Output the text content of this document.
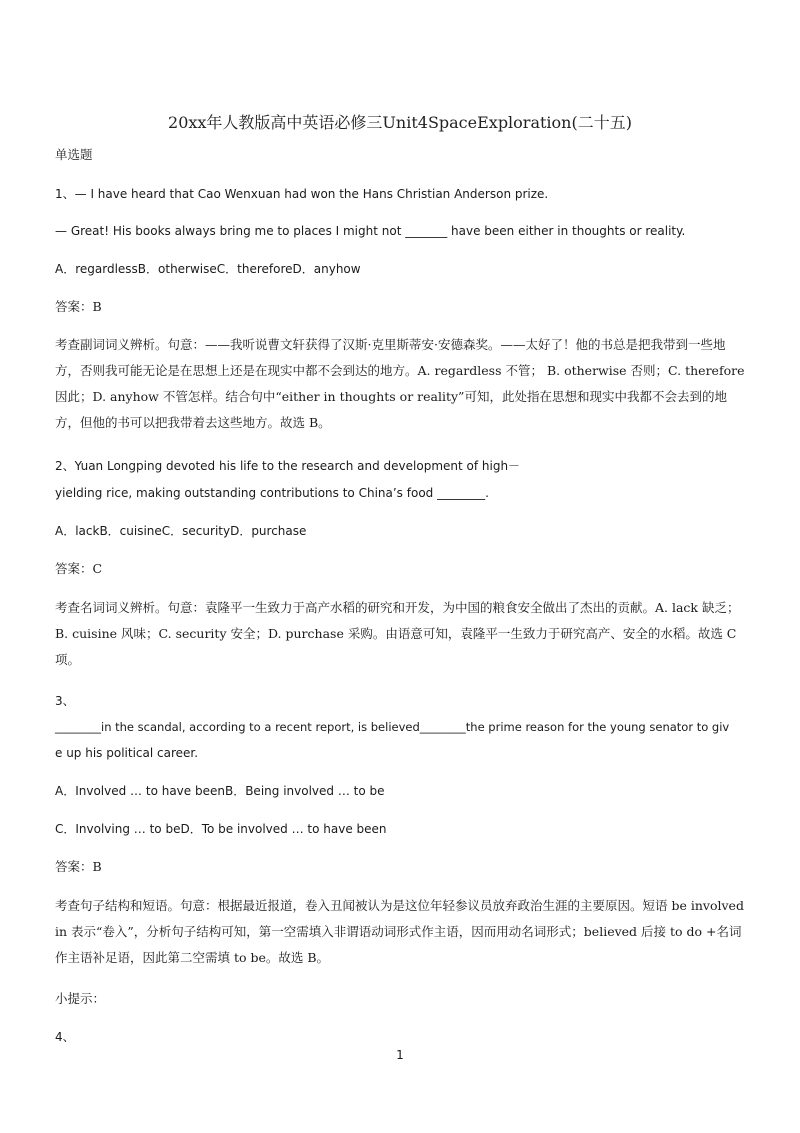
20xx年人教版高中英语必修三Unit4SpaceExploration(二十五)
单选题
1、— I have heard that Cao Wenxuan had won the Hans Christian Anderson prize.
— Great! His books always bring me to places I might not _______ have been either in thoughts or reality.
A．regardlessB．otherwiseC．thereforeD．anyhow
答案：B
考查副词词义辨析。句意：——我听说曹文轩获得了汉斯·克里斯蒂安·安德森奖。——太好了！他的书总是把我带到一些地方，否则我可能无论是在思想上还是在现实中都不会到达的地方。A. regardless 不管； B. otherwise 否则；C. therefore 因此；D. anyhow 不管怎样。结合句中“either in thoughts or reality”可知，此处指在思想和现实中我都不会去到的地方，但他的书可以把我带着去这些地方。故选 B。
2、Yuan Longping devoted his life to the research and development of high－
yielding rice, making outstanding contributions to China’s food ________.
A．lackB．cuisineC．securityD．purchase
答案：C
考查名词词义辨析。句意：袁隆平一生致力于高产水稻的研究和开发，为中国的粮食安全做出了杰出的贡献。A. lack 缺乏；B. cuisine 风味；C. security 安全；D. purchase 采购。由语意可知，袁隆平一生致力于研究高产、安全的水稻。故选 C 项。
3、
________in the scandal, according to a recent report, is believed________the prime reason for the young senator to giv
e up his political career.
A．Involved … to have beenB．Being involved … to be
C．Involving … to beD．To be involved … to have been
答案：B
考查句子结构和短语。句意：根据最近报道，卷入丑闻被认为是这位年轻参议员放弃政治生涯的主要原因。短语 be involved in 表示“卷入”，分析句子结构可知，第一空需填入非谓语动词形式作主语，因而用动名词形式；believed 后接 to do +名词作主语补足语，因此第二空需填 to be。故选 B。
小提示：
4、
1
